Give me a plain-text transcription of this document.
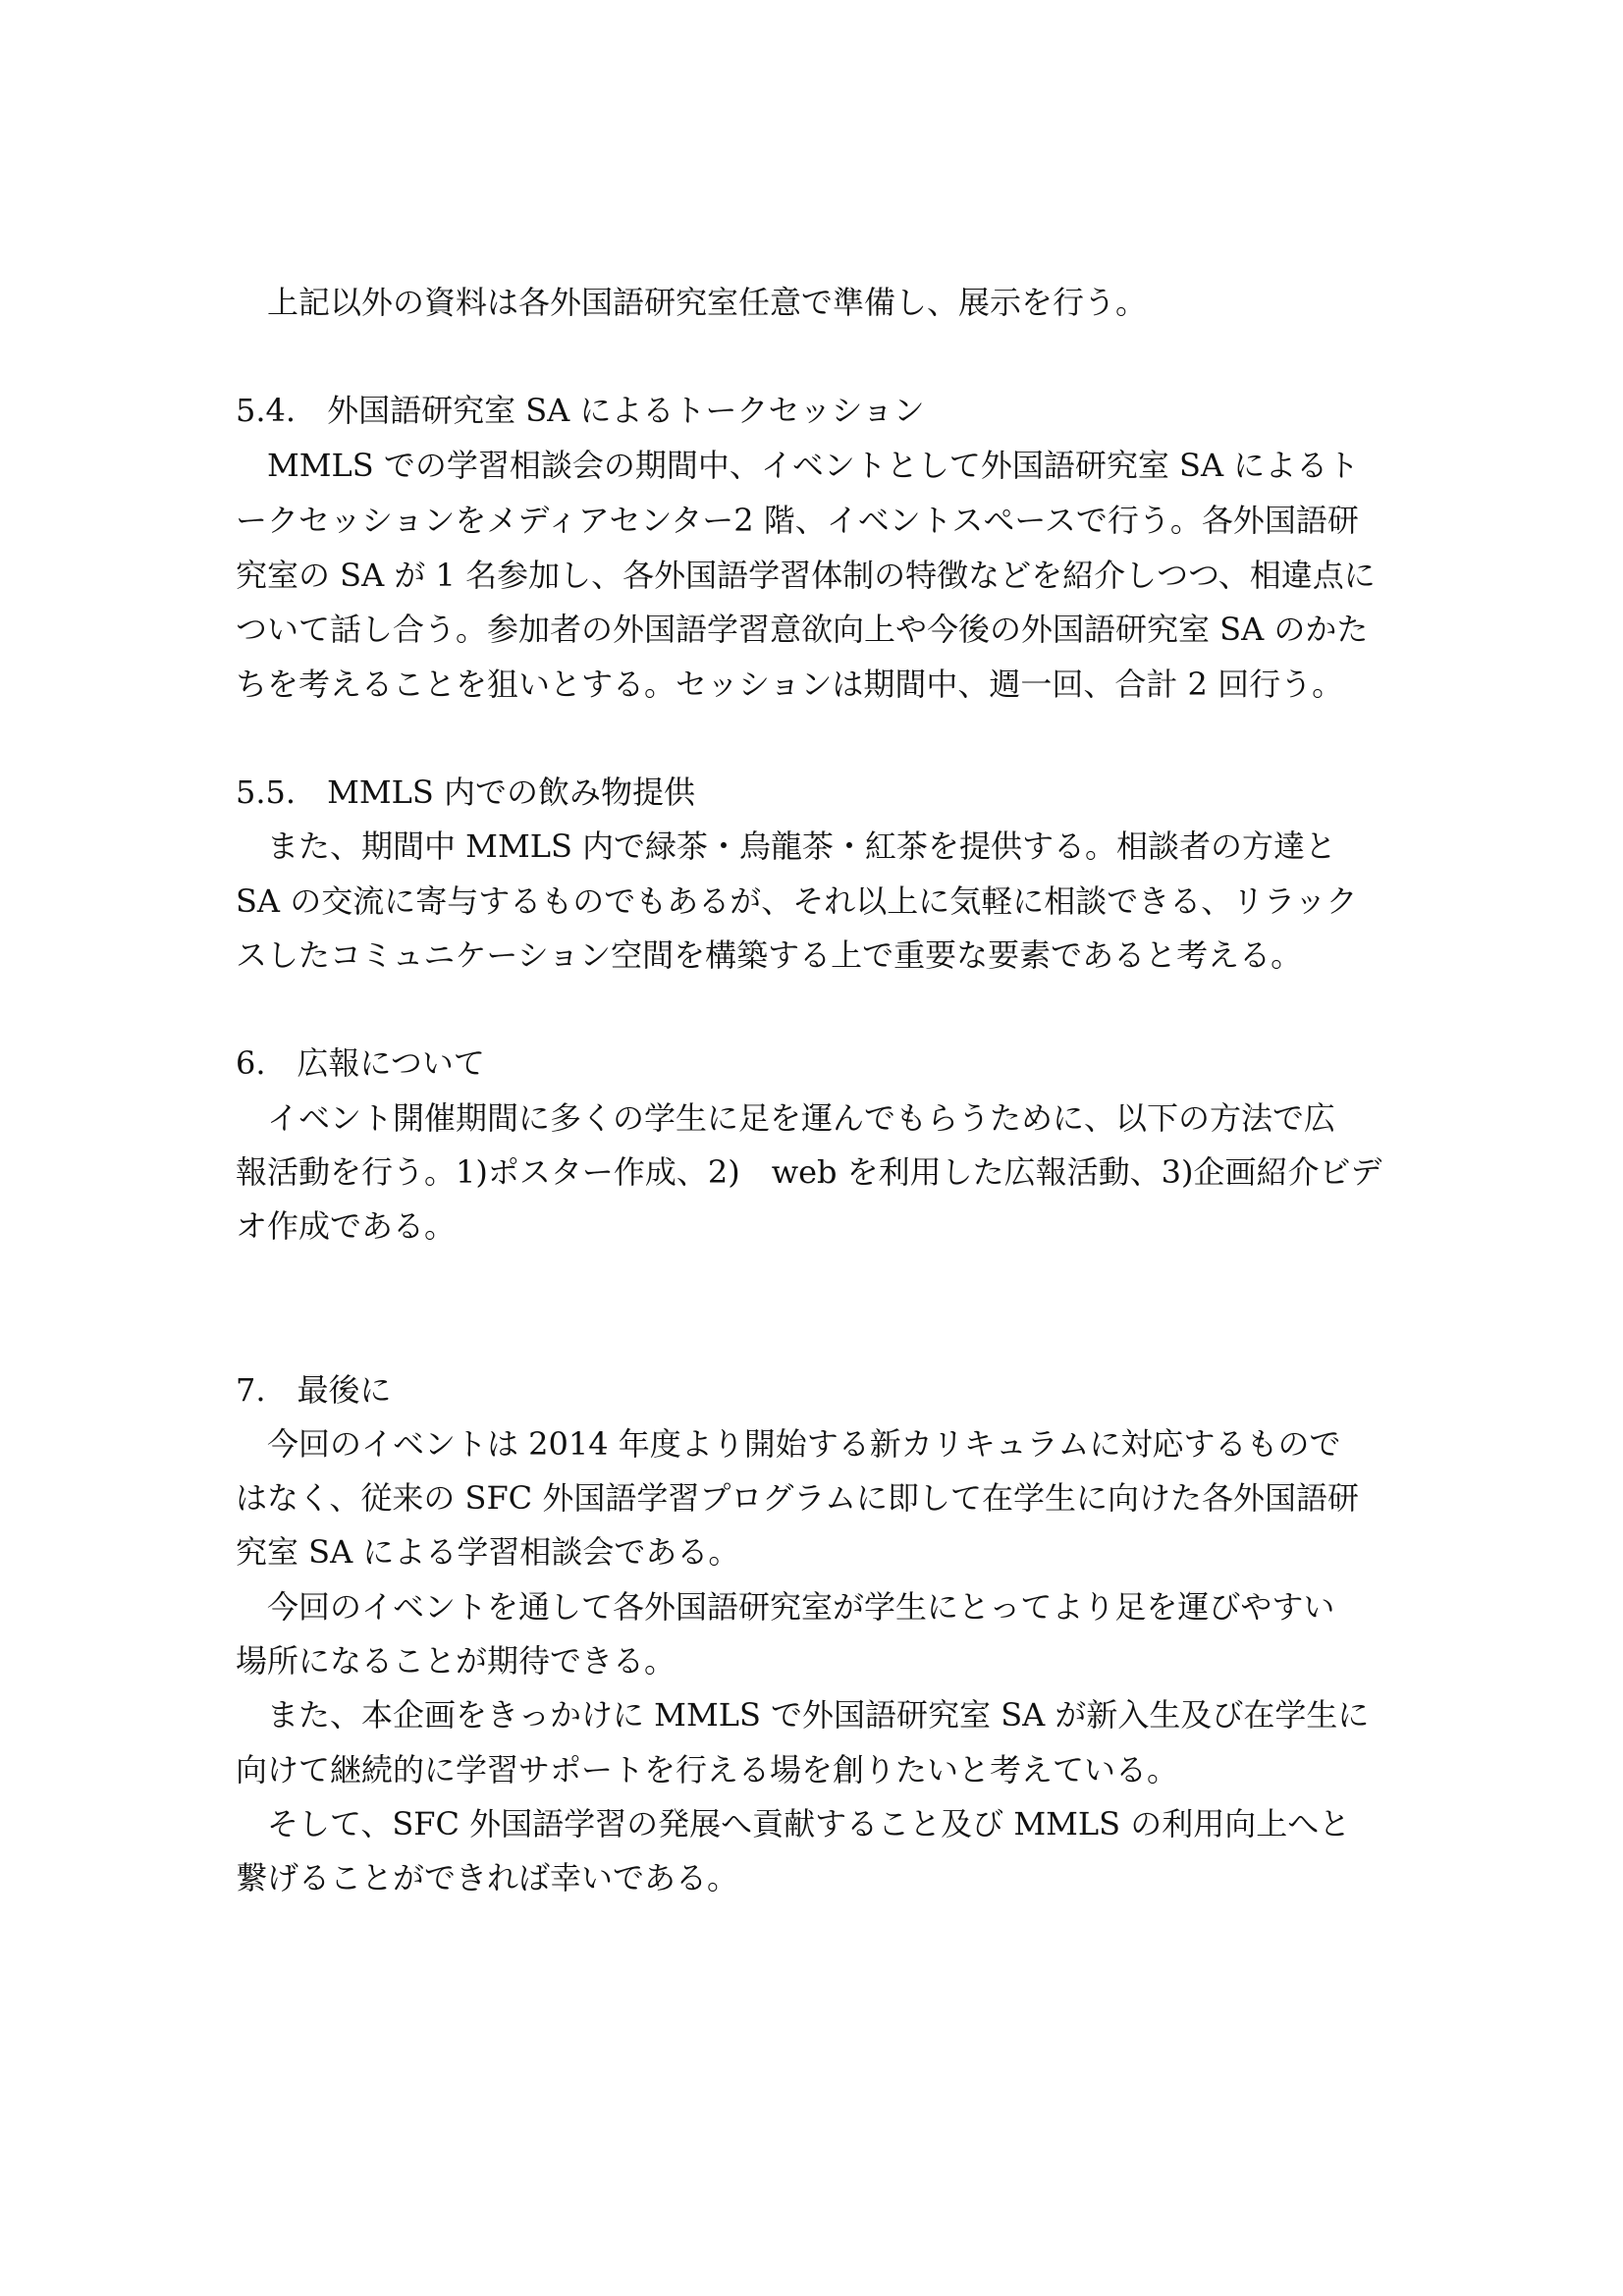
上記以外の資料は各外国語研究室任意で準備し、展示を行う。
5.4.　外国語研究室 SA によるトークセッション
MMLS での学習相談会の期間中、イベントとして外国語研究室 SA によるト
ークセッションをメディアセンター2 階、イベントスペースで行う。各外国語研
究室の SA が 1 名参加し、各外国語学習体制の特徴などを紹介しつつ、相違点に
ついて話し合う。参加者の外国語学習意欲向上や今後の外国語研究室 SA のかた
ちを考えることを狙いとする。セッションは期間中、週一回、合計 2 回行う。
5.5.　MMLS 内での飲み物提供
また、期間中 MMLS 内で緑茶・烏龍茶・紅茶を提供する。相談者の方達と
SA の交流に寄与するものでもあるが、それ以上に気軽に相談できる、リラック
スしたコミュニケーション空間を構築する上で重要な要素であると考える。
6.　広報について
イベント開催期間に多くの学生に足を運んでもらうために、以下の方法で広
報活動を行う。1)ポスター作成、2)　web を利用した広報活動、3)企画紹介ビデ
オ作成である。
7.　最後に
今回のイベントは 2014 年度より開始する新カリキュラムに対応するもので
はなく、従来の SFC 外国語学習プログラムに即して在学生に向けた各外国語研
究室 SA による学習相談会である。
今回のイベントを通して各外国語研究室が学生にとってより足を運びやすい
場所になることが期待できる。
また、本企画をきっかけに MMLS で外国語研究室 SA が新入生及び在学生に
向けて継続的に学習サポートを行える場を創りたいと考えている。
そして、SFC 外国語学習の発展へ貢献すること及び MMLS の利用向上へと
繋げることができれば幸いである。
